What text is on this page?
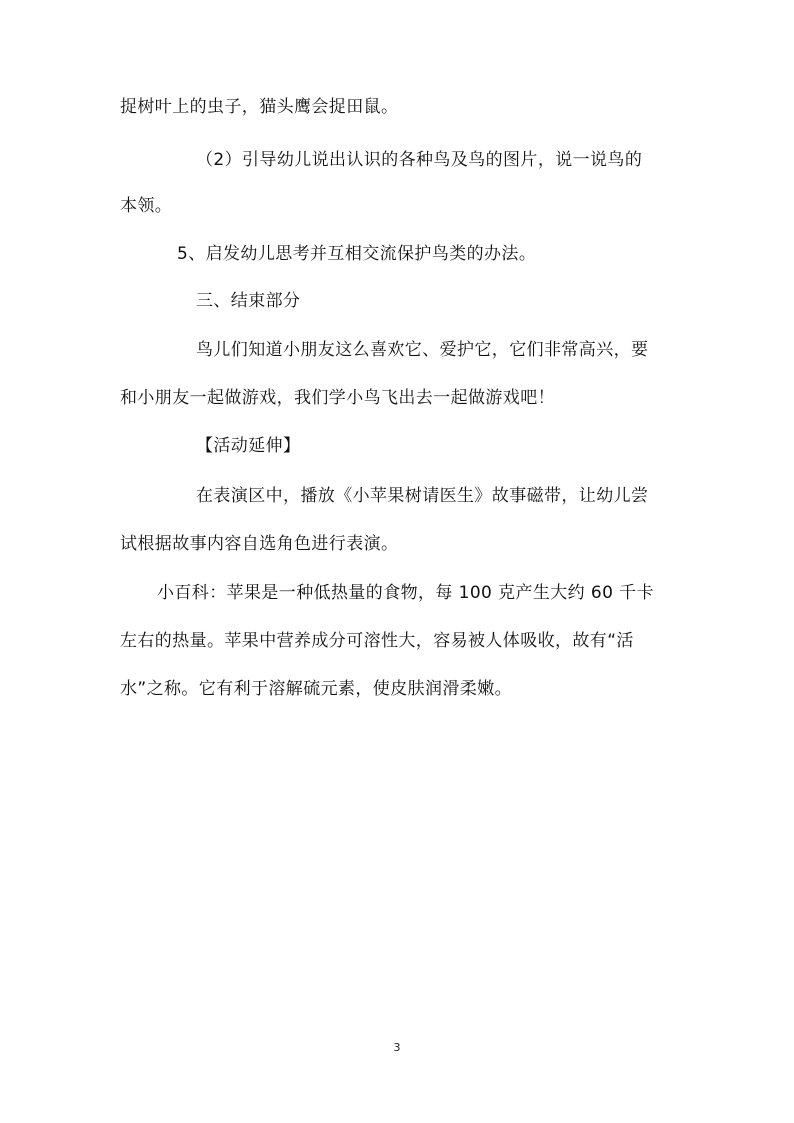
捉树叶上的虫子，猫头鹰会捉田鼠。
（2）引导幼儿说出认识的各种鸟及鸟的图片，说一说鸟的
本领。
5、启发幼儿思考并互相交流保护鸟类的办法。
三、结束部分
鸟儿们知道小朋友这么喜欢它、爱护它，它们非常高兴，要
和小朋友一起做游戏，我们学小鸟飞出去一起做游戏吧！
【活动延伸】
在表演区中，播放《小苹果树请医生》故事磁带，让幼儿尝
试根据故事内容自选角色进行表演。
小百科：苹果是一种低热量的食物，每 100 克产生大约 60 千卡
左右的热量。苹果中营养成分可溶性大，容易被人体吸收，故有“活
水”之称。它有利于溶解硫元素，使皮肤润滑柔嫩。
3
